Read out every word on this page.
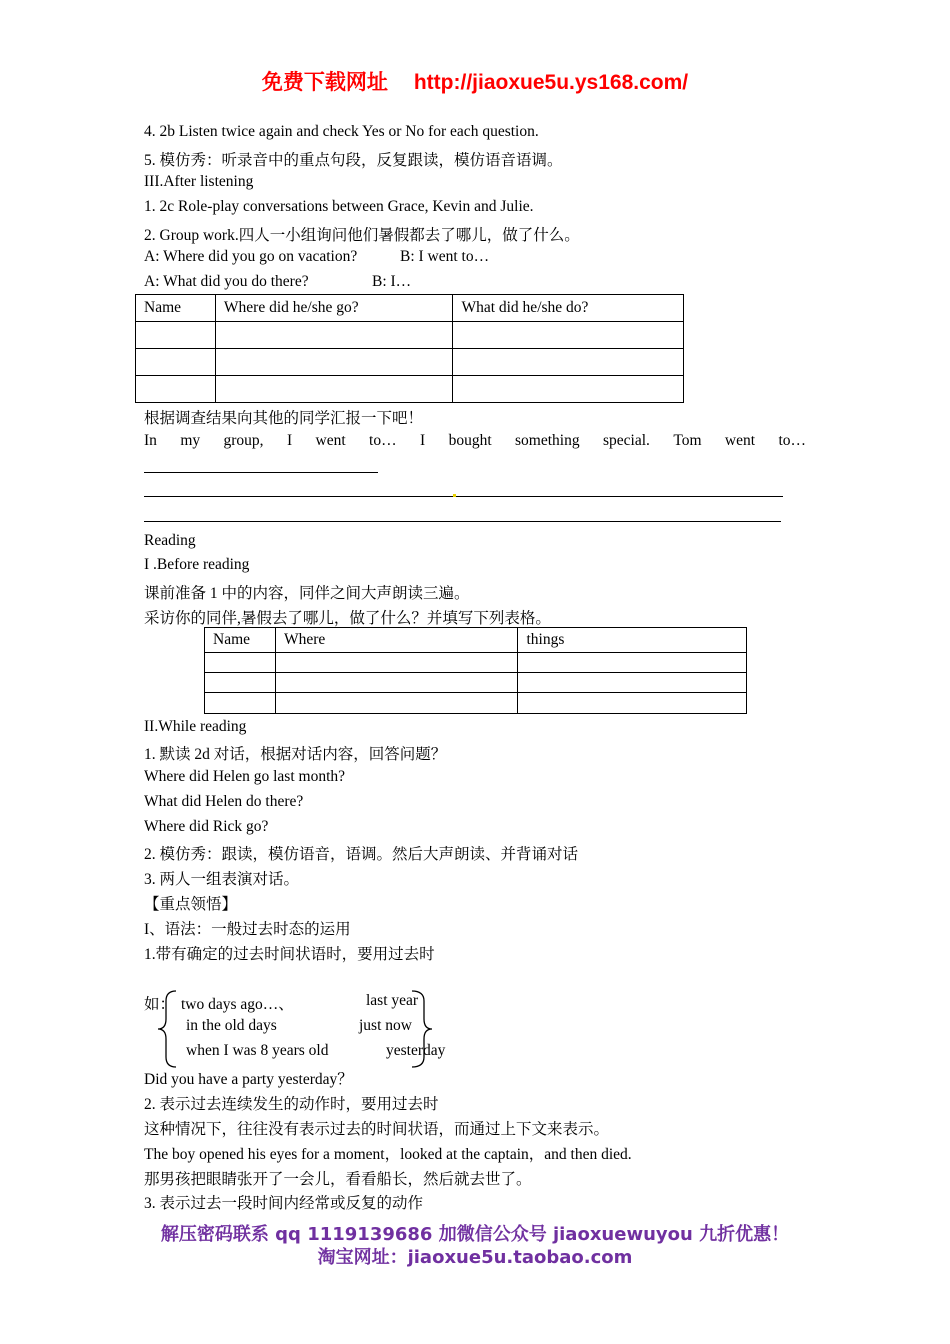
免费下载网址 http://jiaoxue5u.ys168.com/
4. 2b Listen twice again and check Yes or No for each question.
5. 模仿秀：听录音中的重点句段，反复跟读，模仿语音语调。
III.After listening
1. 2c Role-play conversations between Grace, Kevin and Julie.
2. Group work.四人一小组询问他们暑假都去了哪儿，做了什么。
A: Where did you go on vacation?	B: I went to…
A: What did you do there?	B: I…
Name	Where did he/she go?	What did he/she do?

根据调查结果向其他的同学汇报一下吧！
In my group, I went to… I bought something special. Tom went to…
Reading
I .Before reading
课前准备 1 中的内容，同伴之间大声朗读三遍。
采访你的同伴,暑假去了哪儿，做了什么？并填写下列表格。
Name	Where	things

II.While reading
1. 默读 2d 对话，根据对话内容，回答问题？
Where did Helen go last month?
What did Helen do there?
Where did Rick go?
2. 模仿秀：跟读，模仿语音，语调。然后大声朗读、并背诵对话
3. 两人一组表演对话。
【重点领悟】
I、语法：一般过去时态的运用
1.带有确定的过去时间状语时，要用过去时
如： two days ago…、
in the old days
when I was 8 years old
last year
just now
yesterday
Did you have a party yesterday？
2. 表示过去连续发生的动作时，要用过去时
这种情况下，往往没有表示过去的时间状语，而通过上下文来表示。
The boy opened his eyes for a moment，looked at the captain，and then died.
那男孩把眼睛张开了一会儿，看看船长，然后就去世了。
3. 表示过去一段时间内经常或反复的动作
解压密码联系 qq 1119139686 加微信公众号 jiaoxuewuyou 九折优惠！
淘宝网址：jiaoxue5u.taobao.com
